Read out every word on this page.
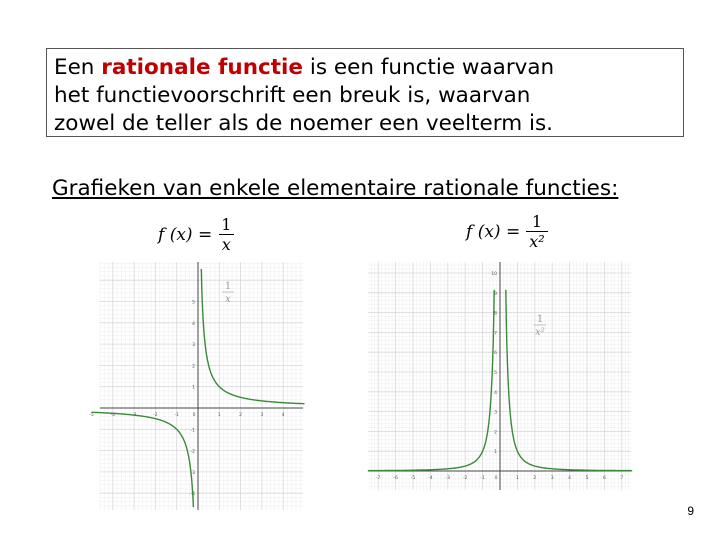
Een rationale functie is een functie waarvan
het functievoorschrift een breuk is, waarvan
zowel de teller als de noemer een veelterm is.
Grafieken van enkele elementaire rationale functies:
f $(x) = \frac{1}{x}$	f $(x) = \frac{1}{\text{x²}}$
-5	-4	-3	-2	-1	0	1	2	3	4
5
4
3
2
1
-1
-2
-3
-4
1
x
-7	-6	-5	-4	-3	-2	-1 0	1	2	3	4	5	6	7
10
9
8
7
6
5
4
3
2
1
1
x²
9
